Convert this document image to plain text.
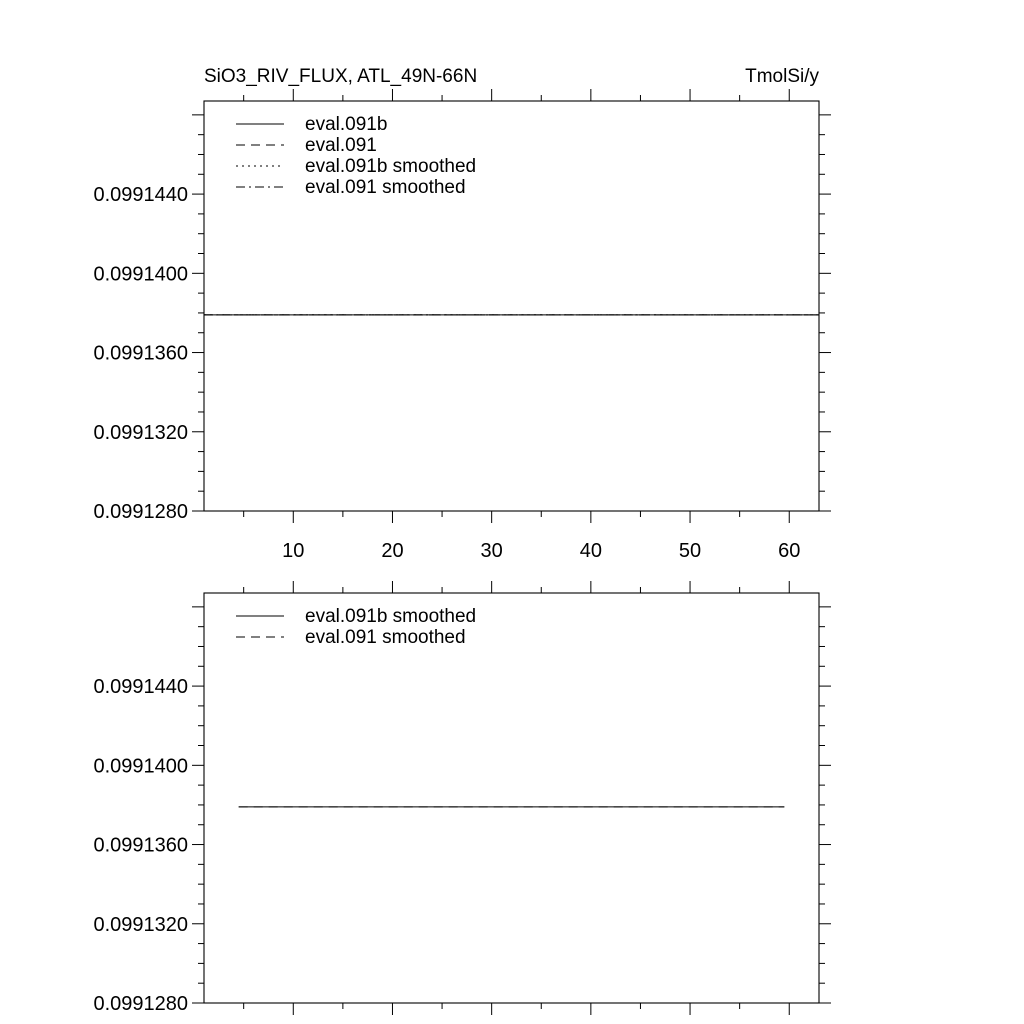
SiO3_RIV_FLUX, ATL_49N-66N	TmolSi/y
eval.091b
eval.091
eval.091b smoothed
eval.091 smoothed
0.0991280
0.0991320
0.0991360
0.0991400
0.0991440
10	20	30	40	50	60
eval.091b smoothed
eval.091 smoothed
0.0991280
0.0991320
0.0991360
0.0991400
0.0991440
